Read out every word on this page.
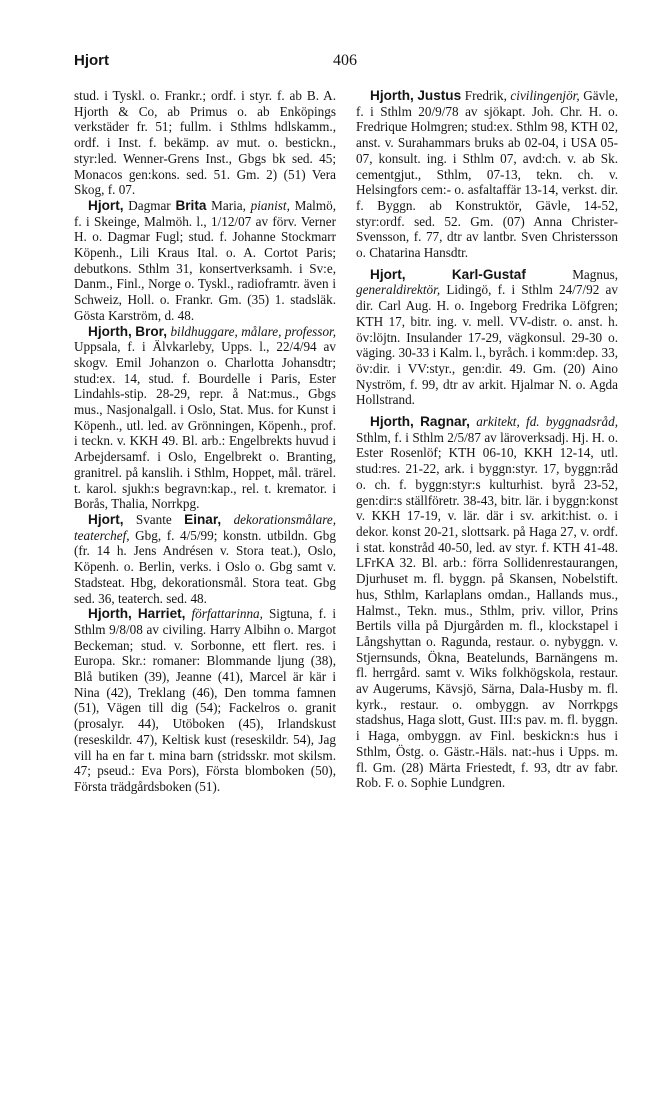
Hjort	406

stud. i Tyskl. o. Frankr.; ordf. i styr. f. ab B. A. Hjorth & Co, ab Primus o. ab Enköpings verkstäder fr. 51; fullm. i Sthlms hdlskamm., ordf. i Inst. f. bekämp. av mut. o. bestickn., styr:led. Wenner-Grens Inst., Gbgs bk sed. 45; Monacos gen:kons. sed. 51. Gm. 2) (51) Vera Skog, f. 07.

Hjort, Dagmar Brita Maria, pianist, Malmö, f. i Skeinge, Malmöh. l., 1/12/07 av förv. Verner H. o. Dagmar Fugl; stud. f. Johanne Stockmarr Köpenh., Lili Kraus Ital. o. A. Cortot Paris; debutkons. Sthlm 31, konsertverksamh. i Sv:e, Danm., Finl., Norge o. Tyskl., radioframtr. även i Schweiz, Holl. o. Frankr. Gm. (35) 1. stadsläk. Gösta Karström, d. 48.

Hjorth, Bror, bildhuggare, målare, professor, Uppsala, f. i Älvkarleby, Upps. l., 22/4/94 av skogv. Emil Johanzon o. Charlotta Johansdtr; stud:ex. 14, stud. f. Bourdelle i Paris, Ester Lindahls-stip. 28-29, repr. å Nat:mus., Gbgs mus., Nasjonalgall. i Oslo, Stat. Mus. for Kunst i Köpenh., utl. led. av Grönningen, Köpenh., prof. i teckn. v. KKH 49. Bl. arb.: Engelbrekts huvud i Arbejdersamf. i Oslo, Engelbrekt o. Branting, granitrel. på kanslih. i Sthlm, Hoppet, mål. trärel. t. karol. sjukh:s begravn:kap., rel. t. kremator. i Borås, Thalia, Norrkpg.

Hjort, Svante Einar, dekorationsmålare, teaterchef, Gbg, f. 4/5/99; konstn. utbildn. Gbg (fr. 14 h. Jens Andrésen v. Stora teat.), Oslo, Köpenh. o. Berlin, verks. i Oslo o. Gbg samt v. Stadsteat. Hbg, dekorationsmål. Stora teat. Gbg sed. 36, teaterch. sed. 48.

Hjorth, Harriet, författarinna, Sigtuna, f. i Sthlm 9/8/08 av civiling. Harry Albihn o. Margot Beckeman; stud. v. Sorbonne, ett flert. res. i Europa. Skr.: romaner: Blommande ljung (38), Blå butiken (39), Jeanne (41), Marcel är kär i Nina (42), Treklang (46), Den tomma famnen (51), Vägen till dig (54); Fackelros o. granit (prosalyr. 44), Utöboken (45), Irlandskust (reseskildr. 47), Keltisk kust (reseskildr. 54), Jag vill ha en far t. mina barn (stridsskr. mot skilsm. 47; pseud.: Eva Pors), Första blomboken (50), Första trädgårdsboken (51).

Hjorth, Justus Fredrik, civilingenjör, Gävle, f. i Sthlm 20/9/78 av sjökapt. Joh. Chr. H. o. Fredrique Holmgren; stud:ex. Sthlm 98, KTH 02, anst. v. Surahammars bruks ab 02-04, i USA 05-07, konsult. ing. i Sthlm 07, avd:ch. v. ab Sk. cementgjut., Sthlm, 07-13, tekn. ch. v. Helsingfors cem:- o. asfaltaffär 13-14, verkst. dir. f. Byggn. ab Konstruktör, Gävle, 14-52, styr:ordf. sed. 52. Gm. (07) Anna Christer-Svensson, f. 77, dtr av lantbr. Sven Christersson o. Chatarina Hansdtr.

Hjort,	Karl-Gustaf Magnus, generaldirektör, Lidingö, f. i Sthlm 24/7/92 av dir. Carl Aug. H. o. Ingeborg Fredrika Löfgren; KTH 17, bitr. ing. v. mell. VV-distr. o. anst. h. öv:löjtn. Insulander 17-29, vägkonsul. 29-30 o. väging. 30-33 i Kalm. l., byråch. i komm:dep. 33, öv:dir. i VV:styr., gen:dir. 49. Gm. (20) Aino Nyström, f. 99, dtr av arkit. Hjalmar N. o. Agda Hollstrand.

Hjorth, Ragnar, arkitekt, fd. byggnadsråd, Sthlm, f. i Sthlm 2/5/87 av läroverksadj. Hj. H. o. Ester Rosenlöf; KTH 06-10, KKH 12-14, utl. stud:res. 21-22, ark. i byggn:styr. 17, byggn:råd o. ch. f. byggn:styr:s kulturhist. byrå 23-52, gen:dir:s ställföretr. 38-43, bitr. lär. i byggn:konst v. KKH 17-19, v. lär. där i sv. arkit:hist. o. i dekor. konst 20-21, slottsark. på Haga 27, v. ordf. i stat. konstråd 40-50, led. av styr. f. KTH 41-48. LFrKA 32. Bl. arb.: förra Sollidenrestaurangen, Djurhuset m. fl. byggn. på Skansen, Nobelstift. hus, Sthlm, Karlaplans omdan., Hallands mus., Halmst., Tekn. mus., Sthlm, priv. villor, Prins Bertils villa på Djurgården m. fl., klockstapel i Långshyttan o. Ragunda, restaur. o. nybyggn. v. Stjernsunds, Ökna, Beatelunds, Barnängens m. fl. herrgård. samt v. Wiks folkhögskola, restaur. av Augerums, Kävsjö, Särna, Dala-Husby m. fl. kyrk., restaur. o. ombyggn. av Norrkpgs stadshus, Haga slott, Gust. III:s pav. m. fl. byggn. i Haga, ombyggn. av Finl. beskickn:s hus i Sthlm, Östg. o. Gästr.-Häls. nat:-hus i Upps. m. fl. Gm. (28) Märta Friestedt, f. 93, dtr av fabr. Rob. F. o. Sophie Lundgren.
